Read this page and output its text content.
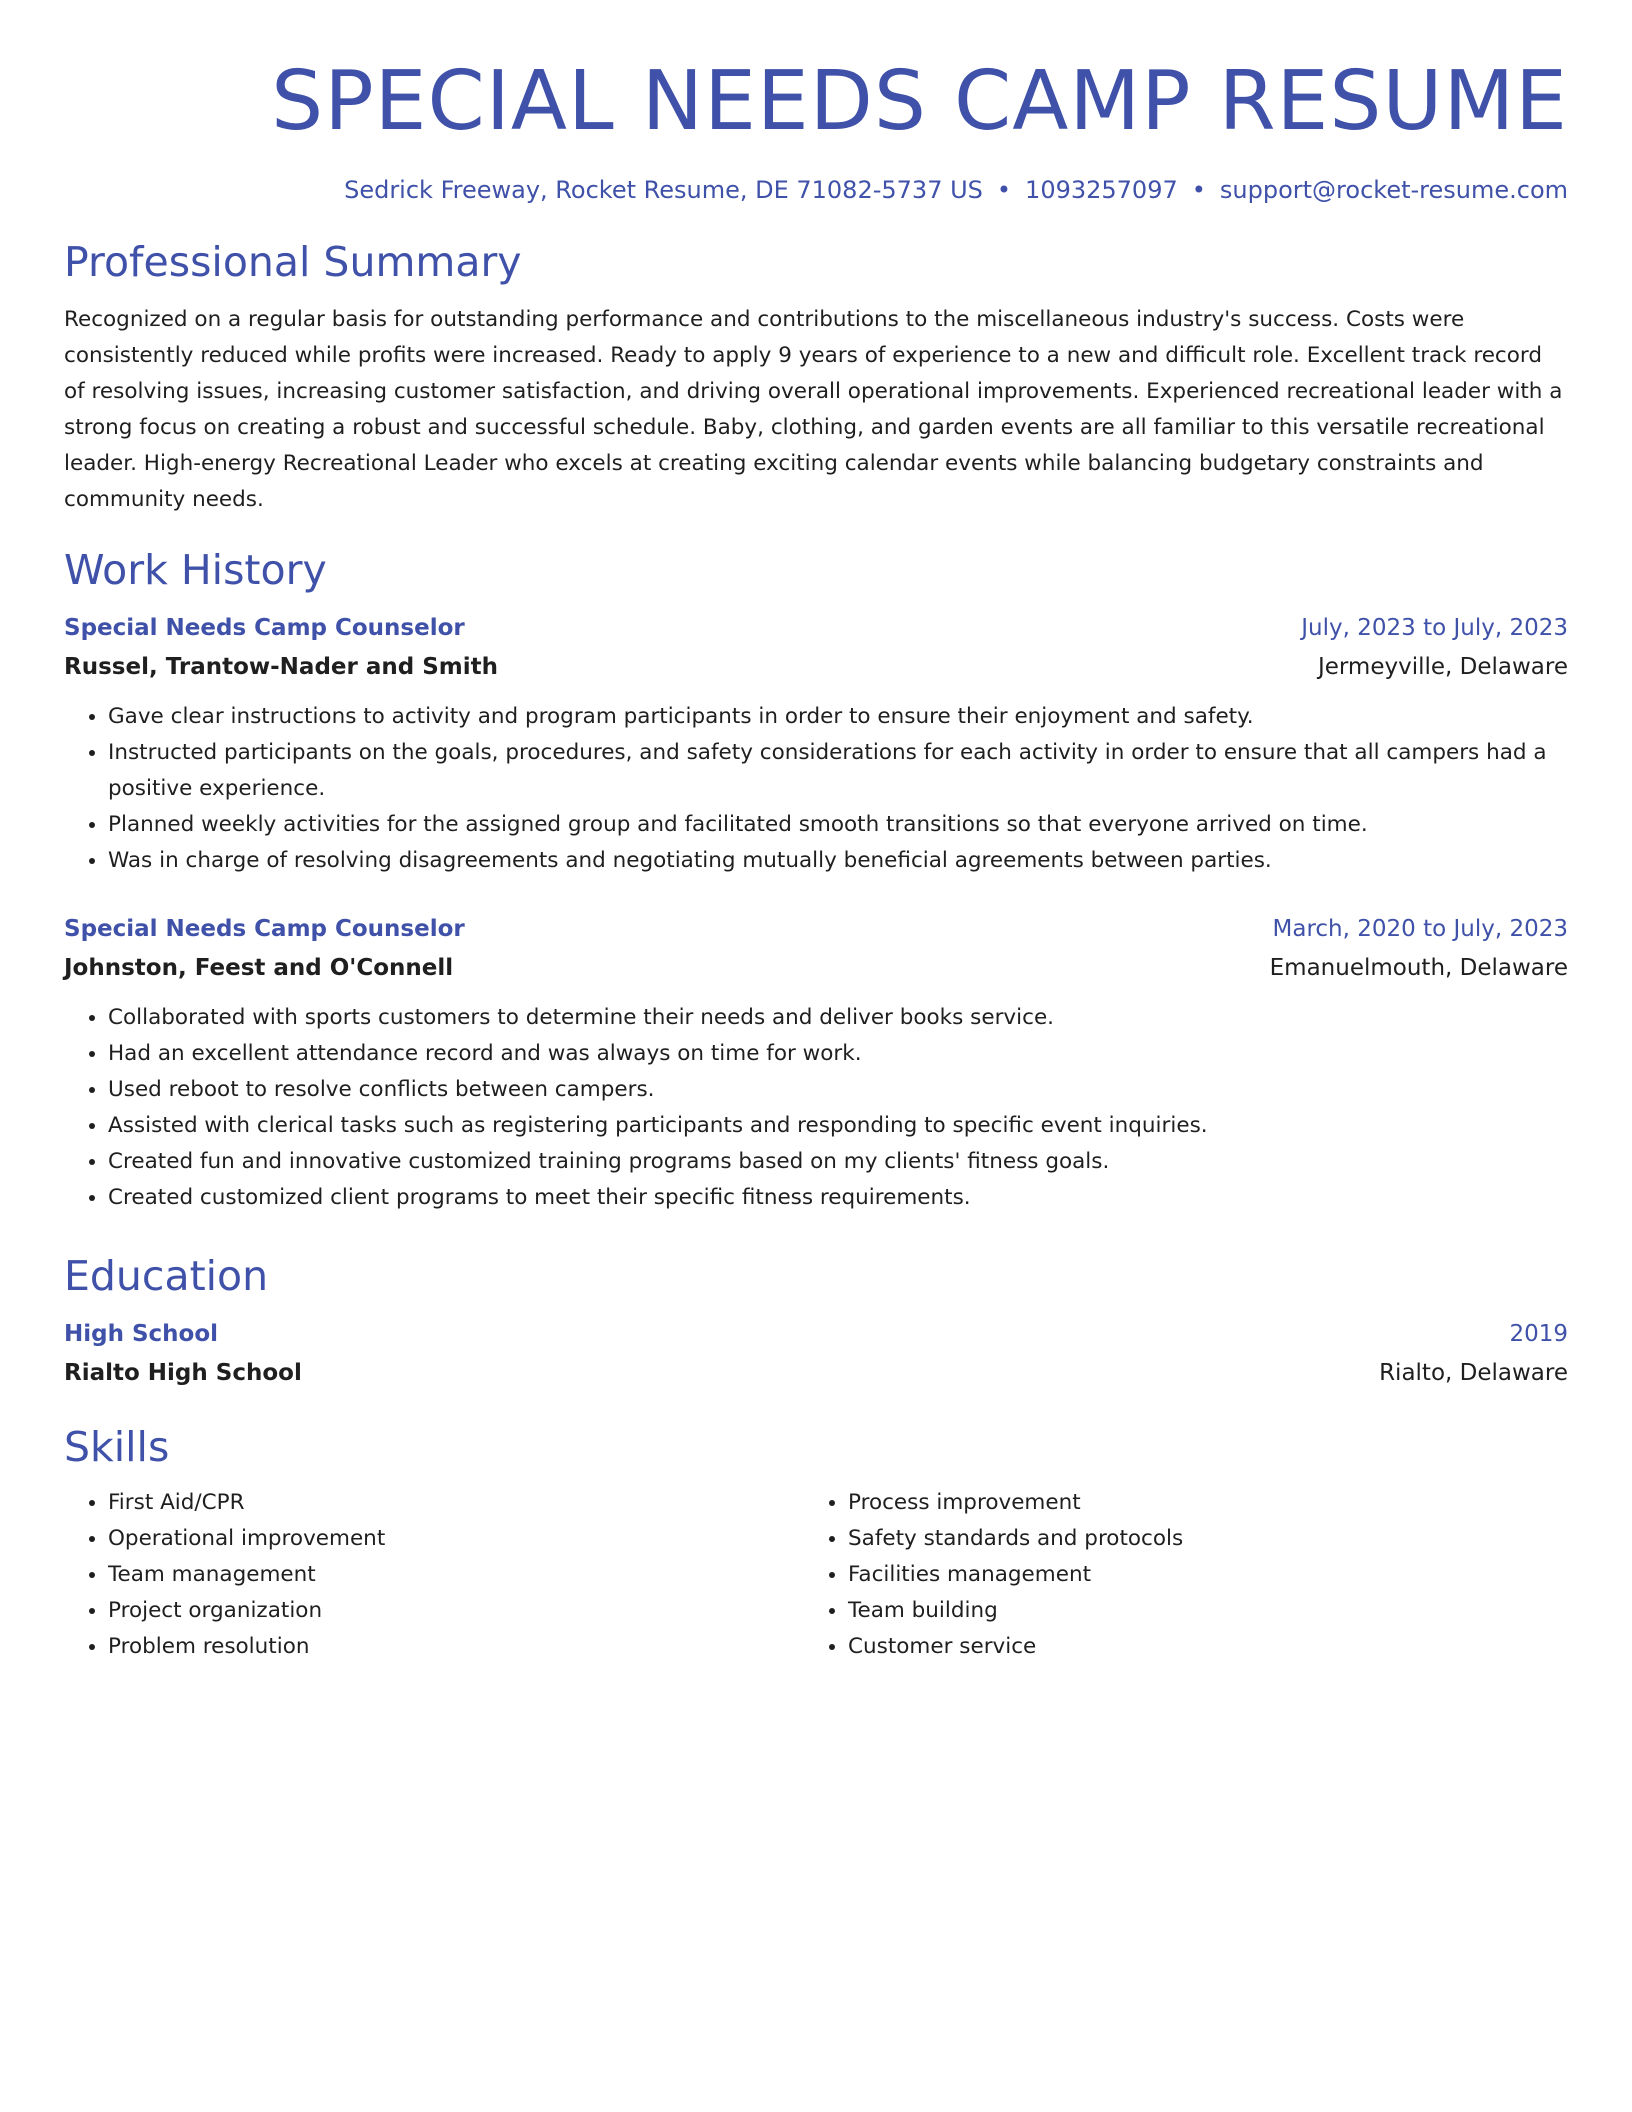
SPECIAL NEEDS CAMP RESUME
Sedrick Freeway, Rocket Resume, DE 71082-5737 US • 1093257097 • support@rocket-resume.com
Professional Summary

Recognized on a regular basis for outstanding performance and contributions to the miscellaneous industry's success. Costs were consistently reduced while profits were increased. Ready to apply 9 years of experience to a new and difficult role. Excellent track record of resolving issues, increasing customer satisfaction, and driving overall operational improvements. Experienced recreational leader with a strong focus on creating a robust and successful schedule. Baby, clothing, and garden events are all familiar to this versatile recreational leader. High-energy Recreational Leader who excels at creating exciting calendar events while balancing budgetary constraints and community needs.

Work History
Special Needs Camp Counselor	July, 2023 to July, 2023
Russel, Trantow-Nader and Smith	Jermeyville, Delaware
• Gave clear instructions to activity and program participants in order to ensure their enjoyment and safety.
• Instructed participants on the goals, procedures, and safety considerations for each activity in order to ensure that all campers had a positive experience.
• Planned weekly activities for the assigned group and facilitated smooth transitions so that everyone arrived on time.
• Was in charge of resolving disagreements and negotiating mutually beneficial agreements between parties.
Special Needs Camp Counselor	March, 2020 to July, 2023
Johnston, Feest and O'Connell	Emanuelmouth, Delaware
• Collaborated with sports customers to determine their needs and deliver books service.
• Had an excellent attendance record and was always on time for work.
• Used reboot to resolve conflicts between campers.
• Assisted with clerical tasks such as registering participants and responding to specific event inquiries.
• Created fun and innovative customized training programs based on my clients' fitness goals.
• Created customized client programs to meet their specific fitness requirements.
Education
High School	2019
Rialto High School	Rialto, Delaware
Skills
• First Aid/CPR
• Operational improvement
• Team management
• Project organization
• Problem resolution
• Process improvement
• Safety standards and protocols
• Facilities management
• Team building
• Customer service
